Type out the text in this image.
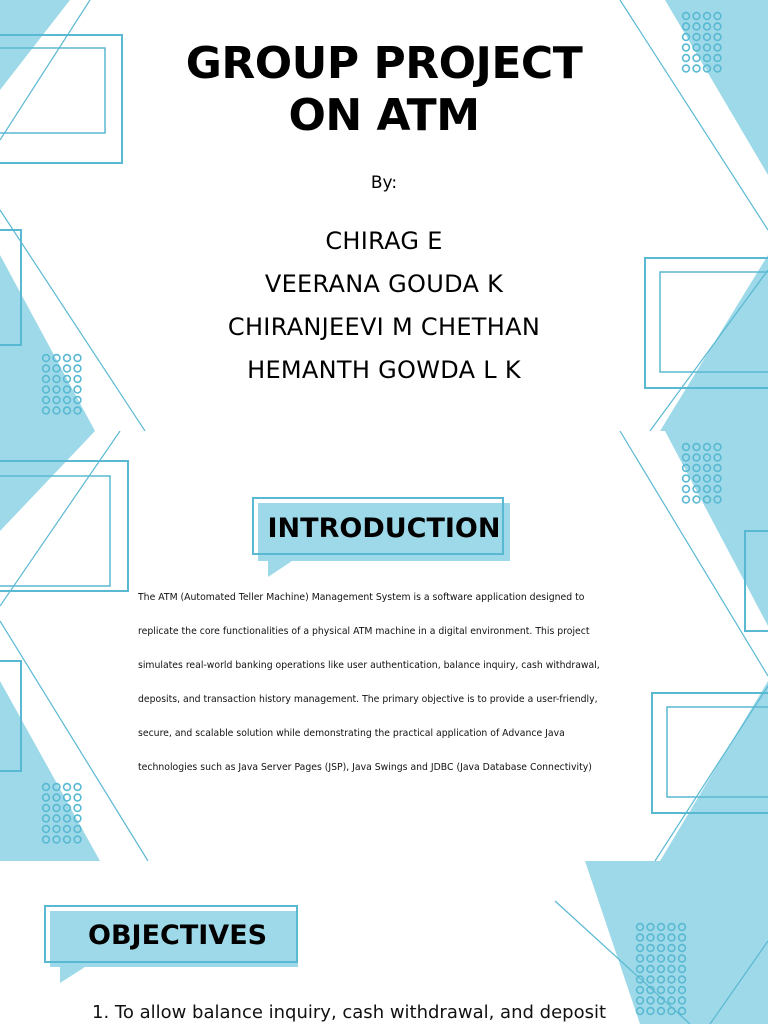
GROUP PROJECT
ON ATM
By:
CHIRAG E
VEERANA GOUDA K
CHIRANJEEVI M CHETHAN
HEMANTH GOWDA L K
INTRODUCTION

The ATM (Automated Teller Machine) Management System is a software application designed to replicate the core functionalities of a physical ATM machine in a digital environment. This project simulates real-world banking operations like user authentication, balance inquiry, cash withdrawal, deposits, and transaction history management. The primary objective is to provide a user-friendly, secure, and scalable solution while demonstrating the practical application of Advance Java technologies such as Java Server Pages (JSP), Java Swings and JDBC (Java Database Connectivity)

OBJECTIVES
1. To allow balance inquiry, cash withdrawal, and deposit
